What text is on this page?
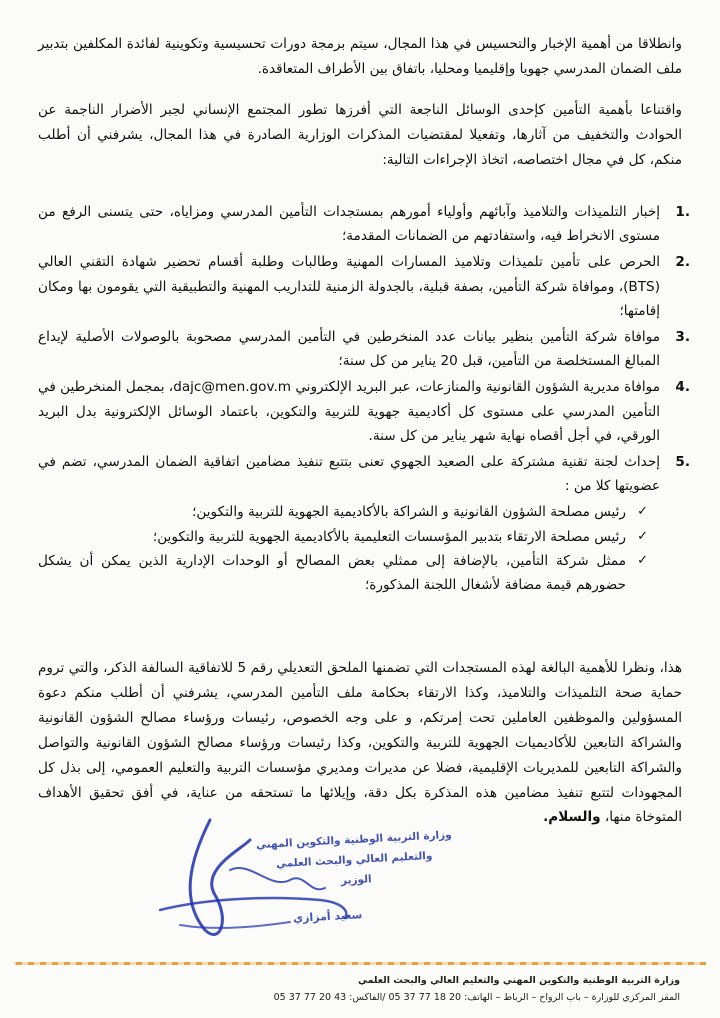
وانطلاقا من أهمية الإخبار والتحسيس في هذا المجال، سيتم برمجة دورات تحسيسية وتكوينية لفائدة المكلفين بتدبير ملف الضمان المدرسي جهويا وإقليميا ومحليا، باتفاق بين الأطراف المتعاقدة.
واقتناعا بأهمية التأمين كإحدى الوسائل الناجعة التي أفرزها تطور المجتمع الإنساني لجبر الأضرار الناجمة عن الحوادث والتخفيف من آثارها، وتفعيلا لمقتضيات المذكرات الوزارية الصادرة في هذا المجال، يشرفني أن أطلب منكم، كل في مجال اختصاصه، اتخاذ الإجراءات التالية:
1.
إخبار التلميذات والتلاميذ وآبائهم وأولياء أمورهم بمستجدات التأمين المدرسي ومزاياه، حتى يتسنى الرفع من مستوى الانخراط فيه، واستفادتهم من الضمانات المقدمة؛
2.
الحرص على تأمين تلميذات وتلاميذ المسارات المهنية وطالبات وطلبة أقسام تحضير شهادة التقني العالي (BTS)، وموافاة شركة التأمين، بصفة قبلية، بالجدولة الزمنية للتداريب المهنية والتطبيقية التي يقومون بها ومكان إقامتها؛
3.
موافاة شركة التأمين بنظير بيانات عدد المنخرطين في التأمين المدرسي مصحوبة بالوصولات الأصلية لإيداع المبالغ المستخلصة من التأمين، قبل 20 يناير من كل سنة؛
4.
موافاة مديرية الشؤون القانونية والمنازعات، عبر البريد الإلكتروني dajc@men.gov.m، بمجمل المنخرطين في التأمين المدرسي على مستوى كل أكاديمية جهوية للتربية والتكوين، باعتماد الوسائل الإلكترونية بدل البريد الورقي، في أجل أقصاه نهاية شهر يناير من كل سنة.
5.
إحداث لجنة تقنية مشتركة على الصعيد الجهوي تعنى بتتبع تنفيذ مضامين اتفاقية الضمان المدرسي، تضم في عضويتها كلا من :
✓
رئيس مصلحة الشؤون القانونية و الشراكة بالأكاديمية الجهوية للتربية والتكوين؛
✓
رئيس مصلحة الارتقاء بتدبير المؤسسات التعليمية بالأكاديمية الجهوية للتربية والتكوين؛
✓
ممثل شركة التأمين، بالإضافة إلى ممثلي بعض المصالح أو الوحدات الإدارية الذين يمكن أن يشكل حضورهم قيمة مضافة لأشغال اللجنة المذكورة؛
هذا، ونظرا للأهمية البالغة لهذه المستجدات التي تضمنها الملحق التعديلي رقم 5 للاتفاقية السالفة الذكر، والتي تروم حماية صحة التلميذات والتلاميذ، وكذا الارتقاء بحكامة ملف التأمين المدرسي، يشرفني أن أطلب منكم دعوة المسؤولين والموظفين العاملين تحت إمرتكم، و على وجه الخصوص، رئيسات ورؤساء مصالح الشؤون القانونية والشراكة التابعين للأكاديميات الجهوية للتربية والتكوين، وكذا رئيسات ورؤساء مصالح الشؤون القانونية والتواصل والشراكة التابعين للمديريات الإقليمية، فضلا عن مديرات ومديري مؤسسات التربية والتعليم العمومي، إلى بذل كل المجهودات لتتبع تنفيذ مضامين هذه المذكرة بكل دقة، وإيلائها ما تستحقه من عناية، في أفق تحقيق الأهداف المتوخاة منها، والسلام.
وزارة التربية الوطنية والتكوين المهني
والتعليم العالي والبحث العلمي
الوزير
سعيد أمزازي
وزارة التربية الوطنية والتكوين المهني والتعليم العالي والبحث العلمي
المقر المركزي للوزارة – باب الرواح – الرباط – الهاتف: 20 18 77 37 05 /الفاكس: 43 20 77 37 05
